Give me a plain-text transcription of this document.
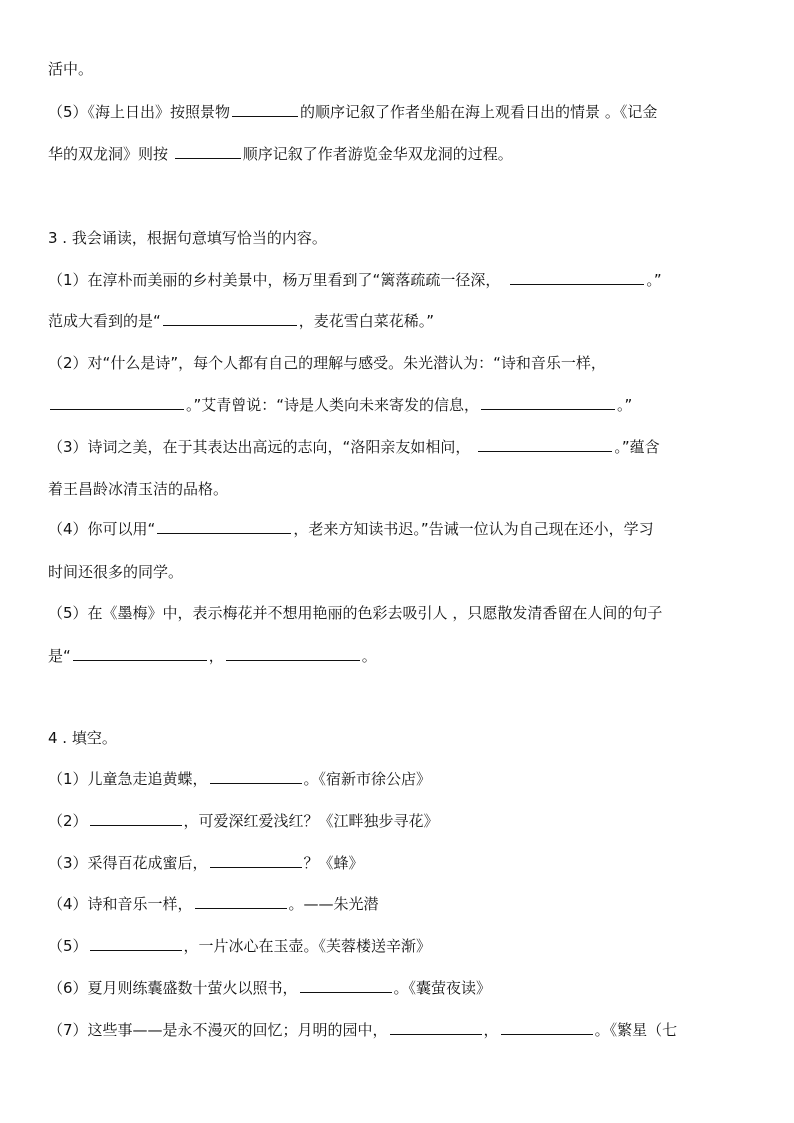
活中。
（5）《海上日出》按照景物	的顺序记叙了作者坐船在海上观看日出的情景 。《记金
华的双龙洞》则按	顺序记叙了作者游览金华双龙洞的过程。
3 . 我会诵读，根据句意填写恰当的内容。
（1）在淳朴而美丽的乡村美景中，杨万里看到了“篱落疏疏一径深，	。”
范成大看到的是“	，麦花雪白菜花稀。”
（2）对“什么是诗”，每个人都有自己的理解与感受。朱光潜认为：“诗和音乐一样，
。”艾青曾说：“诗是人类向未来寄发的信息，	。”
（3）诗词之美，在于其表达出高远的志向，“洛阳亲友如相问，	。”蕴含
着王昌龄冰清玉洁的品格。
（4）你可以用“	，老来方知读书迟。”告诫一位认为自己现在还小，学习
时间还很多的同学。
（5）在《墨梅》中，表示梅花并不想用艳丽的色彩去吸引人 ，只愿散发清香留在人间的句子
是“	，	。
4 . 填空。
（1）儿童急走追黄蝶，	。《宿新市徐公店》
（2）	，可爱深红爱浅红？《江畔独步寻花》
（3）采得百花成蜜后，	？《蜂》
（4）诗和音乐一样，	。——朱光潜
（5）	，一片冰心在玉壶。《芙蓉楼送辛渐》
（6）夏月则练囊盛数十萤火以照书，	。《囊萤夜读》
（7）这些事——是永不漫灭的回忆；月明的园中，	，	。《繁星（七
